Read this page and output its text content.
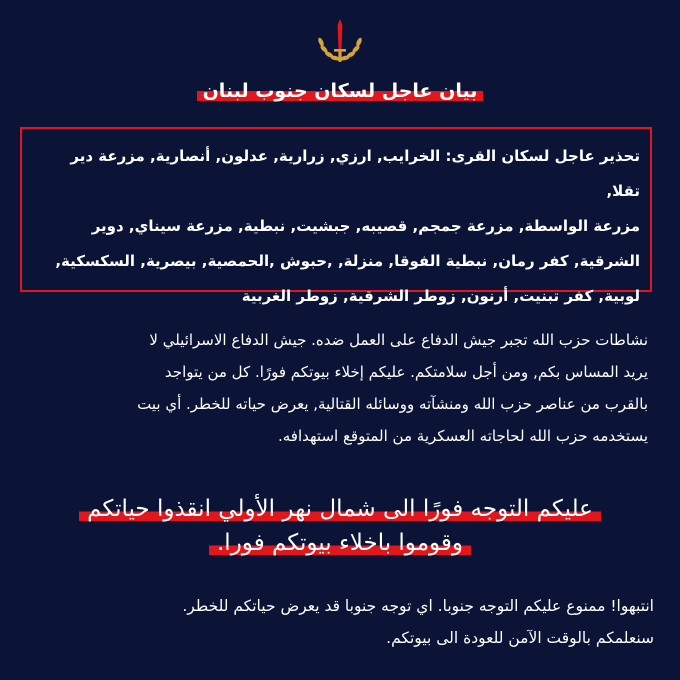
بيان عاجل لسكان جنوب لبنان

تحذير عاجل لسكان القرى: الخرايب, ارزي, زرارية, عدلون, أنصارية, مزرعة دير تقلا,
مزرعة الواسطة, مزرعة جمجم, قصيبه, جبشيت, نبطية, مزرعة سيناي, دوير
الشرقية, كفر رمان, نبطية الفوقا, منزلة, ,حبوش ,الحمصية, بيصرية, السكسكية,
لوبية, كفر تبنيت, أرنون, زوطر الشرقية, زوطر الغربية

نشاطات حزب الله تجبر جيش الدفاع على العمل ضده. جيش الدفاع الاسرائيلي لا
يريد المساس بكم, ومن أجل سلامتكم. عليكم إخلاء بيوتكم فورًا. كل من يتواجد
بالقرب من عناصر حزب الله ومنشآته ووسائله القتالية, يعرض حياته للخطر. أي بيت
يستخدمه حزب الله لحاجاته العسكرية من المتوقع استهدافه.

عليكم التوجه فورًا الى شمال نهر الأولي انقذوا حياتكم
وقوموا باخلاء بيوتكم فورا.

انتبهوا! ممنوع عليكم التوجه جنوبا. اي توجه جنوبا قد يعرض حياتكم للخطر.
سنعلمكم بالوقت الآمن للعودة الى بيوتكم.
